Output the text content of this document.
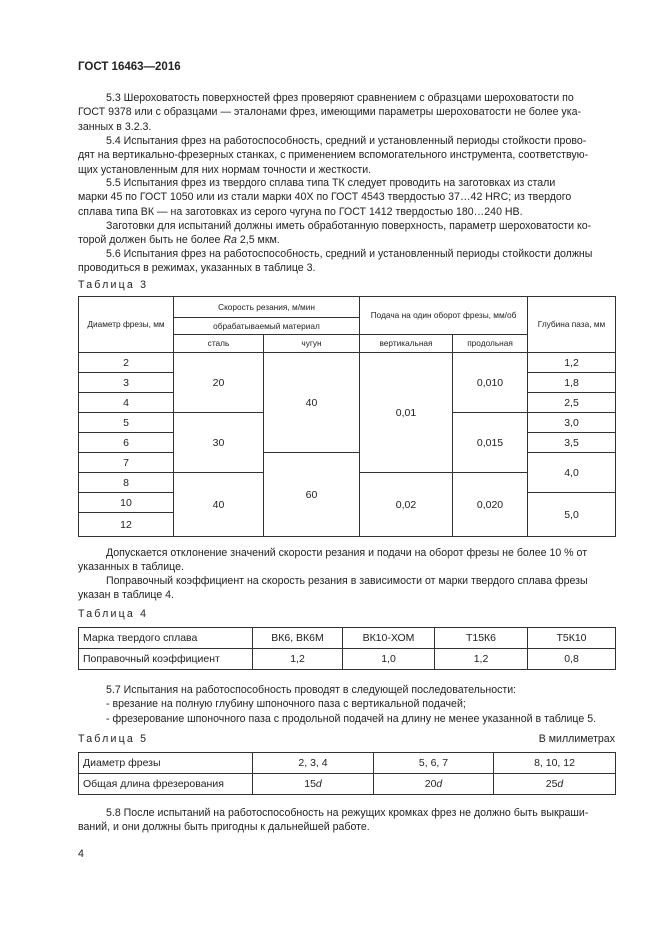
ГОСТ 16463—2016
5.3 Шероховатость поверхностей фрез проверяют сравнением с образцами шероховатости по
ГОСТ 9378 или с образцами — эталонами фрез, имеющими параметры шероховатости не более ука-
занных в 3.2.3.
5.4 Испытания фрез на работоспособность, средний и установленный периоды стойкости прово-
дят на вертикально-фрезерных станках, с применением вспомогательного инструмента, соответствую-
щих установленным для них нормам точности и жесткости.
5.5 Испытания фрез из твердого сплава типа ТК следует проводить на заготовках из стали
марки 45 по ГОСТ 1050 или из стали марки 40Х по ГОСТ 4543 твердостью 37…42 HRC; из твердого
сплава типа ВК — на заготовках из серого чугуна по ГОСТ 1412 твердостью 180…240 НВ.
Заготовки для испытаний должны иметь обработанную поверхность, параметр шероховатости ко-
торой должен быть не более Ra 2,5 мкм.
5.6 Испытания фрез на работоспособность, средний и установленный периоды стойкости должны
проводиться в режимах, указанных в таблице 3.
Таблица 3
Диаметр фрезы, мм	Скорость резания, м/мин		Подача на один оборот фрезы, мм/об		Глубина паза, мм
	обрабатываемый материал				
	сталь	чугун	вертикальная	продольная	
2	20	40	0,01	0,010	1,2
3					1,8
4					2,5
5	30			0,015	3,0
6					3,5
7		60			4,0
8	40		0,02	0,020	
10					5,0
12					
Допускается отклонение значений скорости резания и подачи на оборот фрезы не более 10 % от
указанных в таблице.
Поправочный коэффициент на скорость резания в зависимости от марки твердого сплава фрезы
указан в таблице 4.
Таблица 4
Марка твердого сплава	ВК6, ВК6М	ВК10-ХОМ	Т15К6	Т5К10
Поправочный коэффициент	1,2	1,0	1,2	0,8
5.7 Испытания на работоспособность проводят в следующей последовательности:
- врезание на полную глубину шпоночного паза с вертикальной подачей;
- фрезерование шпоночного паза с продольной подачей на длину не менее указанной в таблице 5.
Таблица 5	В миллиметрах
Диаметр фрезы	2, 3, 4	5, 6, 7	8, 10, 12
Общая длина фрезерования	15d	20d	25d
5.8 После испытаний на работоспособность на режущих кромках фрез не должно быть выкраши-
ваний, и они должны быть пригодны к дальнейшей работе.
4
